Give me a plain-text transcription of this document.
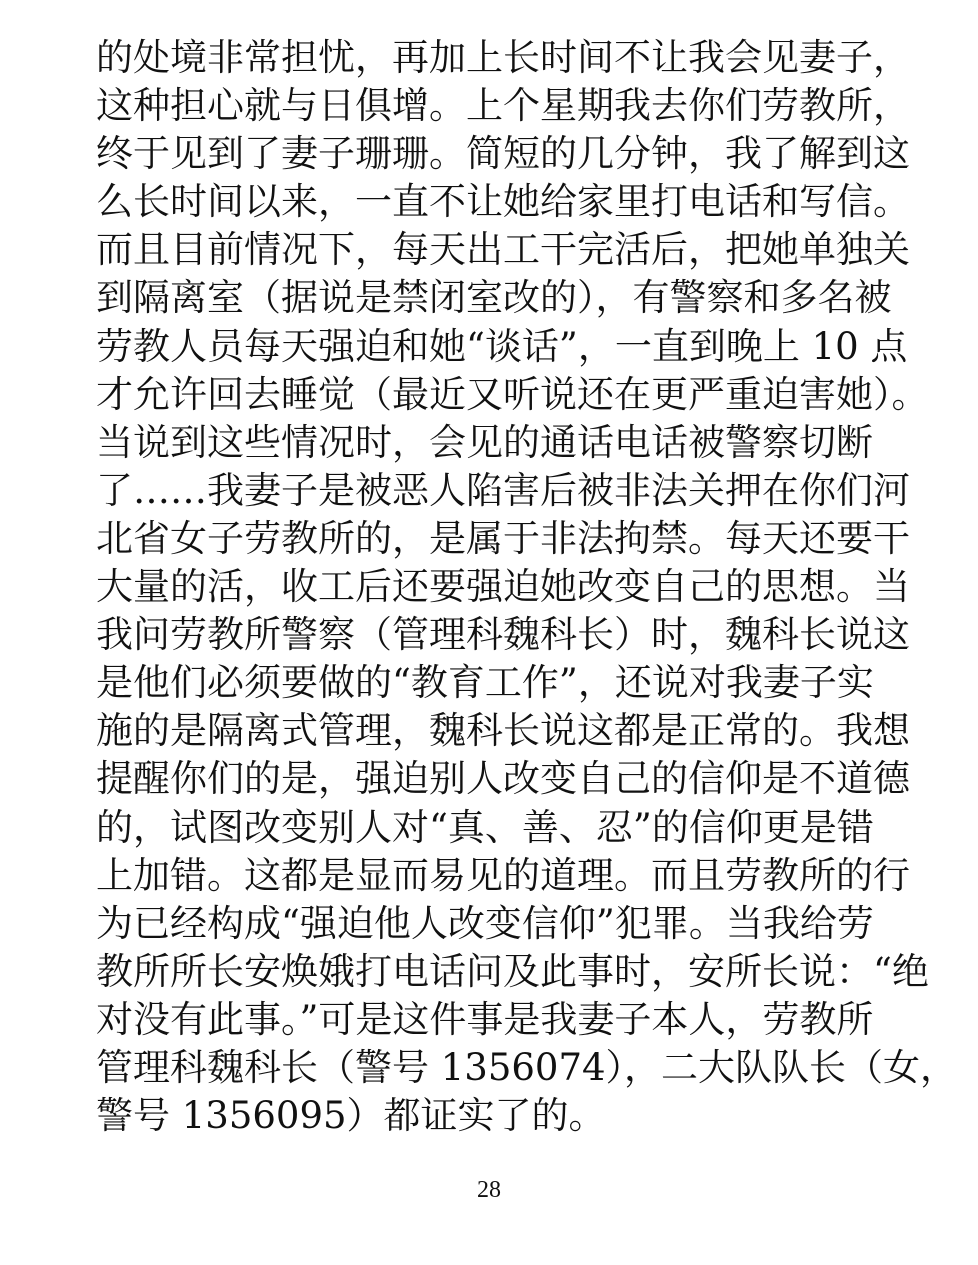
的处境非常担忧，再加上长时间不让我会见妻子，
这种担心就与日俱增。上个星期我去你们劳教所，
终于见到了妻子珊珊。简短的几分钟，我了解到这
么长时间以来，一直不让她给家里打电话和写信。
而且目前情况下，每天出工干完活后，把她单独关
到隔离室（据说是禁闭室改的），有警察和多名被
劳教人员每天强迫和她“谈话”，一直到晚上 10 点
才允许回去睡觉（最近又听说还在更严重迫害她）。
当说到这些情况时，会见的通话电话被警察切断
了……我妻子是被恶人陷害后被非法关押在你们河
北省女子劳教所的，是属于非法拘禁。每天还要干
大量的活，收工后还要强迫她改变自己的思想。当
我问劳教所警察（管理科魏科长）时，魏科长说这
是他们必须要做的“教育工作”，还说对我妻子实
施的是隔离式管理，魏科长说这都是正常的。我想
提醒你们的是，强迫别人改变自己的信仰是不道德
的，试图改变别人对“真、善、忍”的信仰更是错
上加错。这都是显而易见的道理。而且劳教所的行
为已经构成“强迫他人改变信仰”犯罪。当我给劳
教所所长安焕娥打电话问及此事时，安所长说：“绝
对没有此事。”可是这件事是我妻子本人，劳教所
管理科魏科长（警号 1356074），二大队队长（女，
警号 1356095）都证实了的。
28
